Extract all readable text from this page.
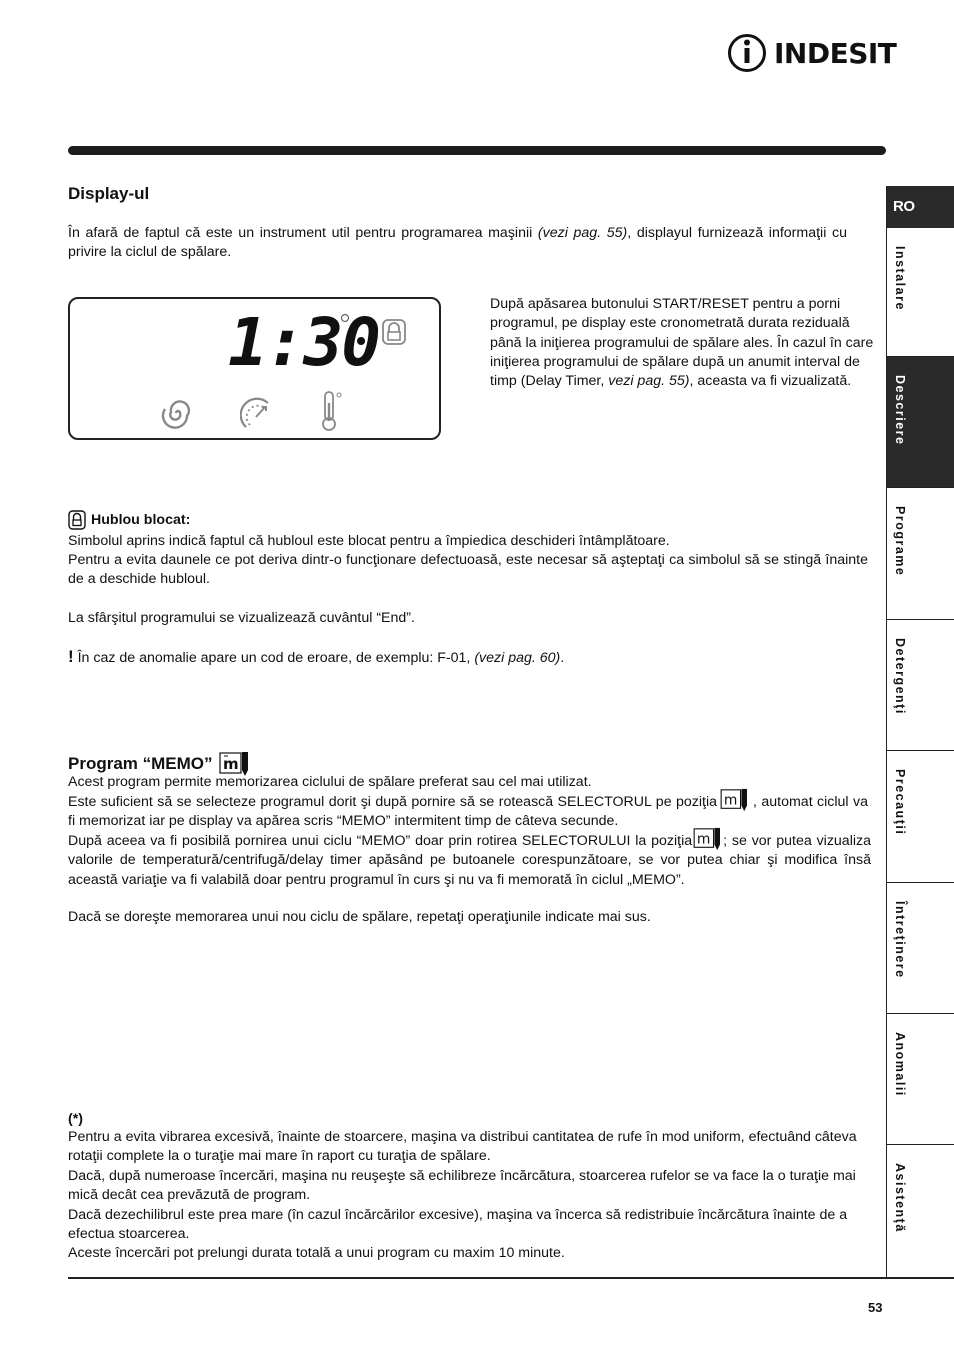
INDESIT
Display-ul

În afară de faptul că este un instrument util pentru programarea maşinii (vezi pag. 55), displayul furnizează informaţii cu privire la ciclul de spălare.

1:30	După apăsarea butonului START/RESET pentru a porni programul, pe display este cronometrată durata reziduală până la iniţierea programului de spălare ales. În cazul în care iniţierea programului de spălare după un anumit interval de timp (Delay Timer, vezi pag. 55), aceasta va fi vizualizată.

Hublou blocat:

Simbolul aprins indică faptul că hubloul este blocat pentru a împiedica deschideri întâmplătoare.

Pentru a evita daunele ce pot deriva dintr-o funcţionare defectuoasă, este necesar să aşteptaţi ca simbolul să se stingă înainte de a deschide hubloul.

La sfârşitul programului se vizualizează cuvântul “End”.

! În caz de anomalie apare un cod de eroare, de exemplu: F-01, (vezi pag. 60).

Program “MEMO” m

Acest program permite memorizarea ciclului de spălare preferat sau cel mai utilizat.

Este suficient să se selecteze programul dorit şi după pornire să se rotească SELECTORUL pe poziţia m , automat ciclul va fi memorizat iar pe display va apărea scris “MEMO” intermitent timp de câteva secunde.

După aceea va fi posibilă pornirea unui ciclu “MEMO” doar prin rotirea SELECTORULUI la poziţia m ; se vor putea vizualiza valorile de temperatură/centrifugă/delay timer apăsând pe butoanele corespunzătoare, se vor putea chiar şi modifica însă această variaţie va fi valabilă doar pentru programul în curs şi nu va fi memorată în ciclul „MEMO”.

Dacă se doreşte memorarea unui nou ciclu de spălare, repetaţi operaţiunile indicate mai sus.

(*)

Pentru a evita vibrarea excesivă, înainte de stoarcere, maşina va distribui cantitatea de rufe în mod uniform, efectuând câteva rotaţii complete la o turaţie mai mare în raport cu turaţia de spălare.

Dacă, după numeroase încercări, maşina nu reuşeşte să echilibreze încărcătura, stoarcerea rufelor se va face la o turaţie mai mică decât cea prevăzută de program.

Dacă dezechilibrul este prea mare (în cazul încărcărilor excesive), maşina va încerca să redistribuie încărcătura înainte de a efectua stoarcerea.

Aceste încercări pot prelungi durata totală a unui program cu maxim 10 minute.

RO
Instalare
Descriere
Programe
Detergenţi
Precauţii
Întreţinere
Anomalii
Asistenţă
53
